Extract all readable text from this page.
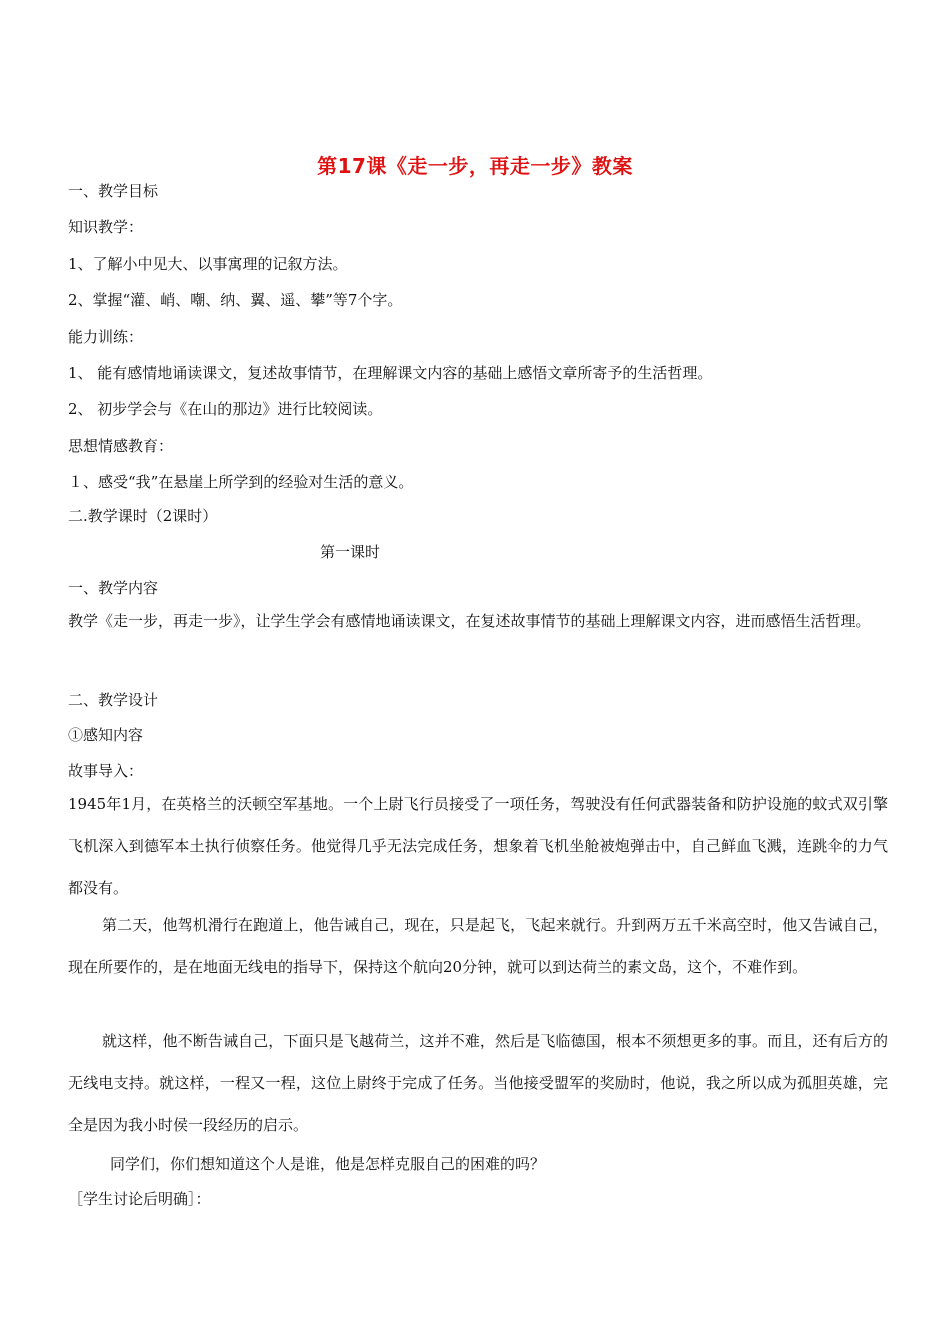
第17课《走一步，再走一步》教案
一、教学目标
知识教学：
1、了解小中见大、以事寓理的记叙方法。
2、掌握“灌、峭、嘲、纳、翼、遥、攀”等7个字。
能力训练：
1、 能有感情地诵读课文，复述故事情节，在理解课文内容的基础上感悟文章所寄予的生活哲理。
2、 初步学会与《在山的那边》进行比较阅读。
思想情感教育：
１、感受“我”在悬崖上所学到的经验对生活的意义。
二.教学课时（2课时）
第一课时
一、教学内容
教学《走一步，再走一步》，让学生学会有感情地诵读课文，在复述故事情节的基础上理解课文内容，进而感悟生活哲理。
二、教学设计
①感知内容
故事导入：
1945年1月，在英格兰的沃顿空军基地。一个上尉飞行员接受了一项任务，驾驶没有任何武器装备和防护设施的蚊式双引擎飞机深入到德军本土执行侦察任务。他觉得几乎无法完成任务，想象着飞机坐舱被炮弹击中，自己鲜血飞溅，连跳伞的力气都没有。
第二天，他驾机滑行在跑道上，他告诫自己，现在，只是起飞，飞起来就行。升到两万五千米高空时，他又告诫自己，现在所要作的，是在地面无线电的指导下，保持这个航向20分钟，就可以到达荷兰的素文岛，这个，不难作到。
就这样，他不断告诫自己，下面只是飞越荷兰，这并不难，然后是飞临德国，根本不须想更多的事。而且，还有后方的无线电支持。就这样，一程又一程，这位上尉终于完成了任务。当他接受盟军的奖励时，他说，我之所以成为孤胆英雄，完全是因为我小时侯一段经历的启示。
同学们，你们想知道这个人是谁，他是怎样克服自己的困难的吗？
［学生讨论后明确］：
